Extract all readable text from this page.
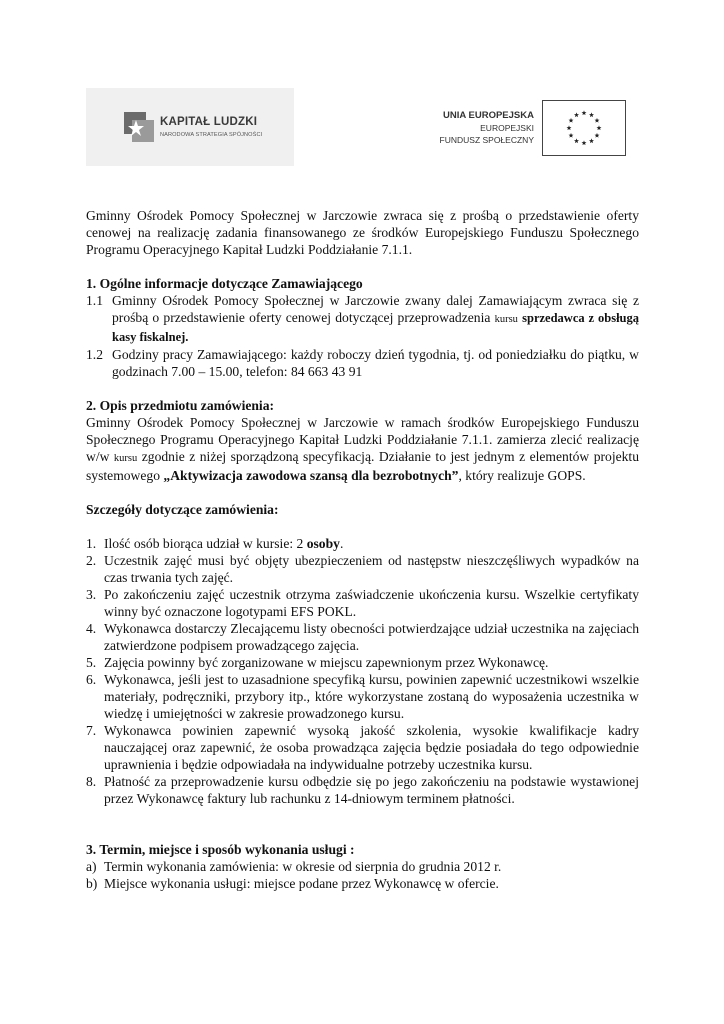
KAPITAŁ LUDZKI
NARODOWA STRATEGIA SPÓJNOŚCI
UNIA EUROPEJSKA
EUROPEJSKI
FUNDUSZ SPOŁECZNY

Gminny Ośrodek Pomocy Społecznej w Jarczowie zwraca się z prośbą o przedstawienie oferty cenowej na realizację zadania finansowanego ze środków Europejskiego Funduszu Społecznego Programu Operacyjnego Kapitał Ludzki Poddziałanie 7.1.1.

1. Ogólne informacje dotyczące Zamawiającego

1.1 Gminny Ośrodek Pomocy Społecznej w Jarczowie zwany dalej Zamawiającym zwraca się z prośbą o przedstawienie oferty cenowej dotyczącej przeprowadzenia kursu sprzedawca z obsługą kasy fiskalnej.
1.2 Godziny pracy Zamawiającego: każdy roboczy dzień tygodnia, tj. od poniedziałku do piątku, w godzinach 7.00 – 15.00, telefon: 84 663 43 91

2. Opis przedmiotu zamówienia:

Gminny Ośrodek Pomocy Społecznej w Jarczowie w ramach środków Europejskiego Funduszu Społecznego Programu Operacyjnego Kapitał Ludzki Poddziałanie 7.1.1. zamierza zlecić realizację w/w kursu zgodnie z niżej sporządzoną specyfikacją. Działanie to jest jednym z elementów projektu systemowego „Aktywizacja zawodowa szansą dla bezrobotnych”, który realizuje GOPS.

Szczegóły dotyczące zamówienia:

1. Ilość osób biorąca udział w kursie: 2 osoby.
2. Uczestnik zajęć musi być objęty ubezpieczeniem od następstw nieszczęśliwych wypadków na czas trwania tych zajęć.
3. Po zakończeniu zajęć uczestnik otrzyma zaświadczenie ukończenia kursu. Wszelkie certyfikaty winny być oznaczone logotypami EFS POKL.
4. Wykonawca dostarczy Zlecającemu listy obecności potwierdzające udział uczestnika na zajęciach zatwierdzone podpisem prowadzącego zajęcia.
5. Zajęcia powinny być zorganizowane w miejscu zapewnionym przez Wykonawcę.
6. Wykonawca, jeśli jest to uzasadnione specyfiką kursu, powinien zapewnić uczestnikowi wszelkie materiały, podręczniki, przybory itp., które wykorzystane zostaną do wyposażenia uczestnika w wiedzę i umiejętności w zakresie prowadzonego kursu.
7. Wykonawca powinien zapewnić wysoką jakość szkolenia, wysokie kwalifikacje kadry nauczającej oraz zapewnić, że osoba prowadząca zajęcia będzie posiadała do tego odpowiednie uprawnienia i będzie odpowiadała na indywidualne potrzeby uczestnika kursu.
8. Płatność za przeprowadzenie kursu odbędzie się po jego zakończeniu na podstawie wystawionej przez Wykonawcę faktury lub rachunku z 14-dniowym terminem płatności.

3. Termin, miejsce i sposób wykonania usługi :

a) Termin wykonania zamówienia: w okresie od sierpnia do grudnia 2012 r.
b) Miejsce wykonania usługi: miejsce podane przez Wykonawcę w ofercie.
